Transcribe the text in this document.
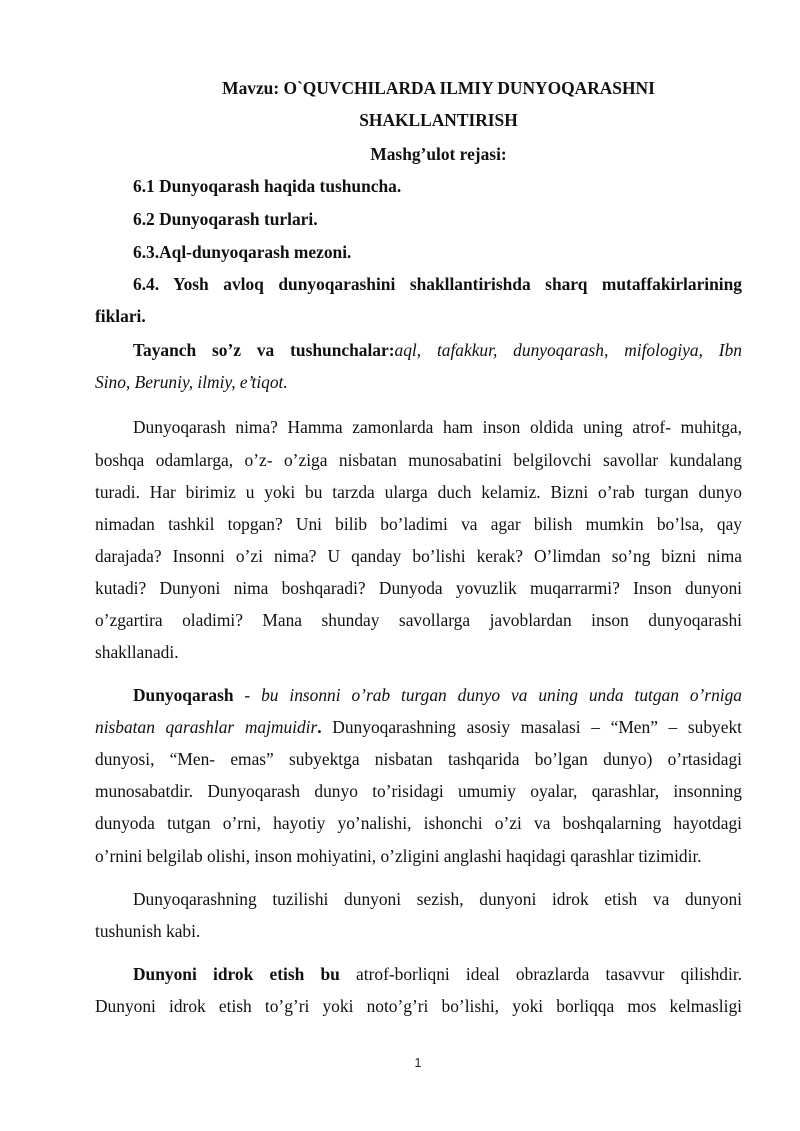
Mavzu: O`QUVCHILARDA ILMIY DUNYOQARASHNI
SHAKLLANTIRISH
Mashg’ulot rejasi:
6.1 Dunyoqarash haqida tushuncha.
6.2 Dunyoqarash turlari.
6.3.Aql-dunyoqarash mezoni.
6.4. Yosh avloq dunyoqarashini shakllantirishda sharq mutaffakirlarining
fiklari.
Tayanch so’z va tushunchalar:aql, tafakkur, dunyoqarash, mifologiya, Ibn
Sino, Beruniy, ilmiy, e’tiqot.
Dunyoqarash nima? Hamma zamonlarda ham inson oldida uning atrof- muhitga,
boshqa odamlarga, o’z- o’ziga nisbatan munosabatini belgilovchi savollar kundalang
turadi. Har birimiz u yoki bu tarzda ularga duch kelamiz. Bizni o’rab turgan dunyo
nimadan tashkil topgan? Uni bilib bo’ladimi va agar bilish mumkin bo’lsa, qay
darajada? Insonni o’zi nima? U qanday bo’lishi kerak? O’limdan so’ng bizni nima
kutadi? Dunyoni nima boshqaradi? Dunyoda yovuzlik muqarrarmi? Inson dunyoni
o’zgartira oladimi? Mana shunday savollarga javoblardan inson dunyoqarashi
shakllanadi.
Dunyoqarash - bu insonni o’rab turgan dunyo va uning unda tutgan o’rniga
nisbatan qarashlar majmuidir. Dunyoqarashning asosiy masalasi – “Men” – subyekt
dunyosi, “Men- emas” subyektga nisbatan tashqarida bo’lgan dunyo) o’rtasidagi
munosabatdir. Dunyoqarash dunyo to’risidagi umumiy oyalar, qarashlar, insonning
dunyoda tutgan o’rni, hayotiy yo’nalishi, ishonchi o’zi va boshqalarning hayotdagi
o’rnini belgilab olishi, inson mohiyatini, o’zligini anglashi haqidagi qarashlar tizimidir.
Dunyoqarashning tuzilishi dunyoni sezish, dunyoni idrok etish va dunyoni
tushunish kabi.
Dunyoni idrok etish bu atrof-borliqni ideal obrazlarda tasavvur qilishdir.
Dunyoni idrok etish to’g’ri yoki noto’g’ri bo’lishi, yoki borliqqa mos kelmasligi
1
